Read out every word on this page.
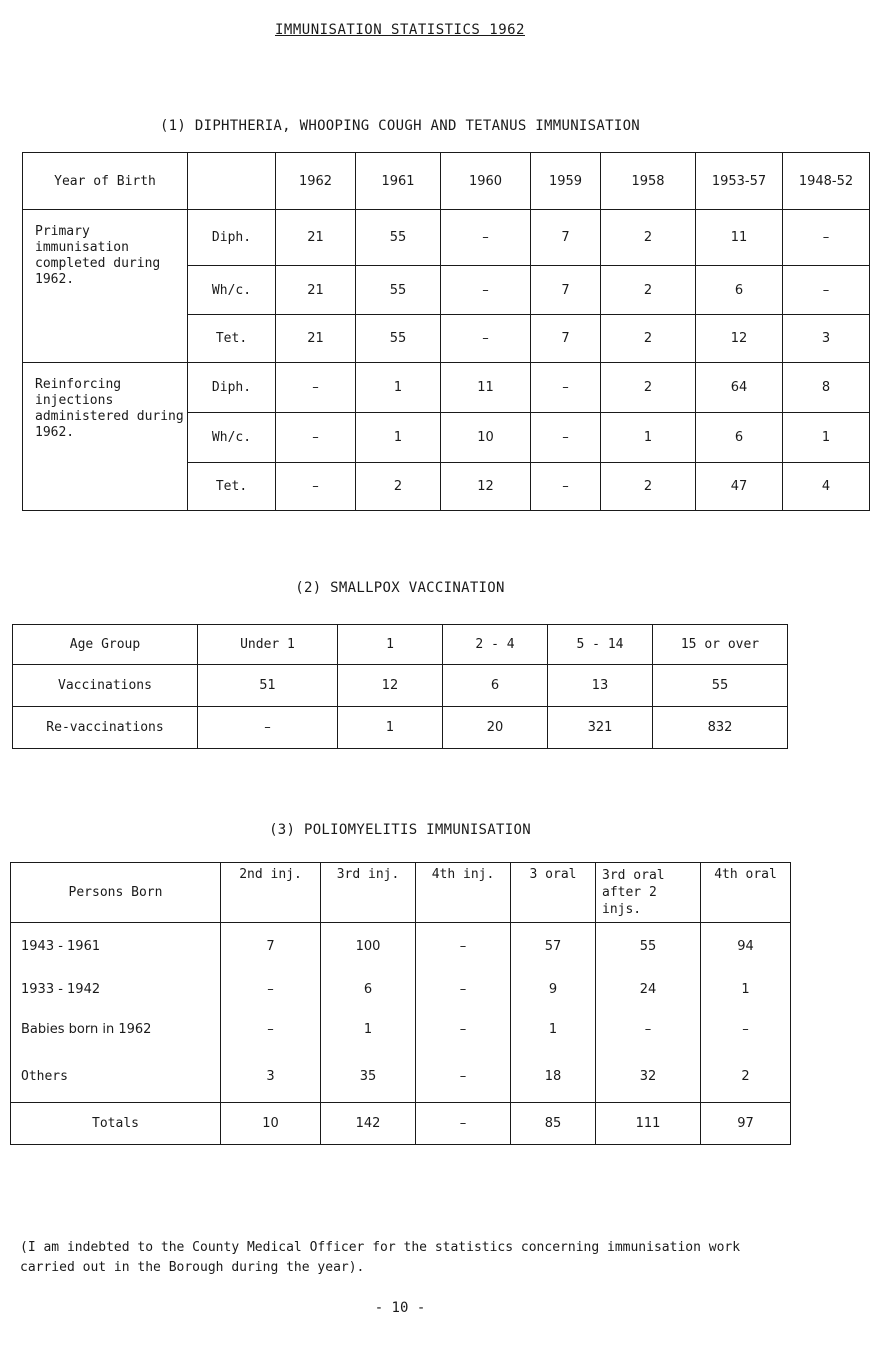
IMMUNISATION STATISTICS 1962
(1) DIPHTHERIA, WHOOPING COUGH AND TETANUS IMMUNISATION
Year of Birth		1962	1961	1960	1959	1958	1953-57	1948-52
Primary immunisation completed during 1962.	Diph.	21	55	–	7	2	11	–
	Wh/c.	21	55	–	7	2	6	–
	Tet.	21	55	–	7	2	12	3
Reinforcing injections administered during 1962.	Diph.	–	1	11	–	2	64	8
	Wh/c.	–	1	10	–	1	6	1
	Tet.	–	2	12	–	2	47	4
(2) SMALLPOX VACCINATION
Age Group	Under 1	1	2 - 4	5 - 14	15 or over
Vaccinations	51	12	6	13	55
Re-vaccinations	–	1	20	321	832
(3) POLIOMYELITIS IMMUNISATION
Persons Born	2nd inj.	3rd inj.	4th inj.	3 oral	3rd oral after 2 injs.	4th oral
1943 - 1961	7	100	–	57	55	94
1933 - 1942	–	6	–	9	24	1
Babies born in 1962	–	1	–	1	–	–
Others	3	35	–	18	32	2
Totals	10	142	–	85	111	97
(I am indebted to the County Medical Officer for the statistics concerning immunisation work carried out in the Borough during the year).
- 10 -
